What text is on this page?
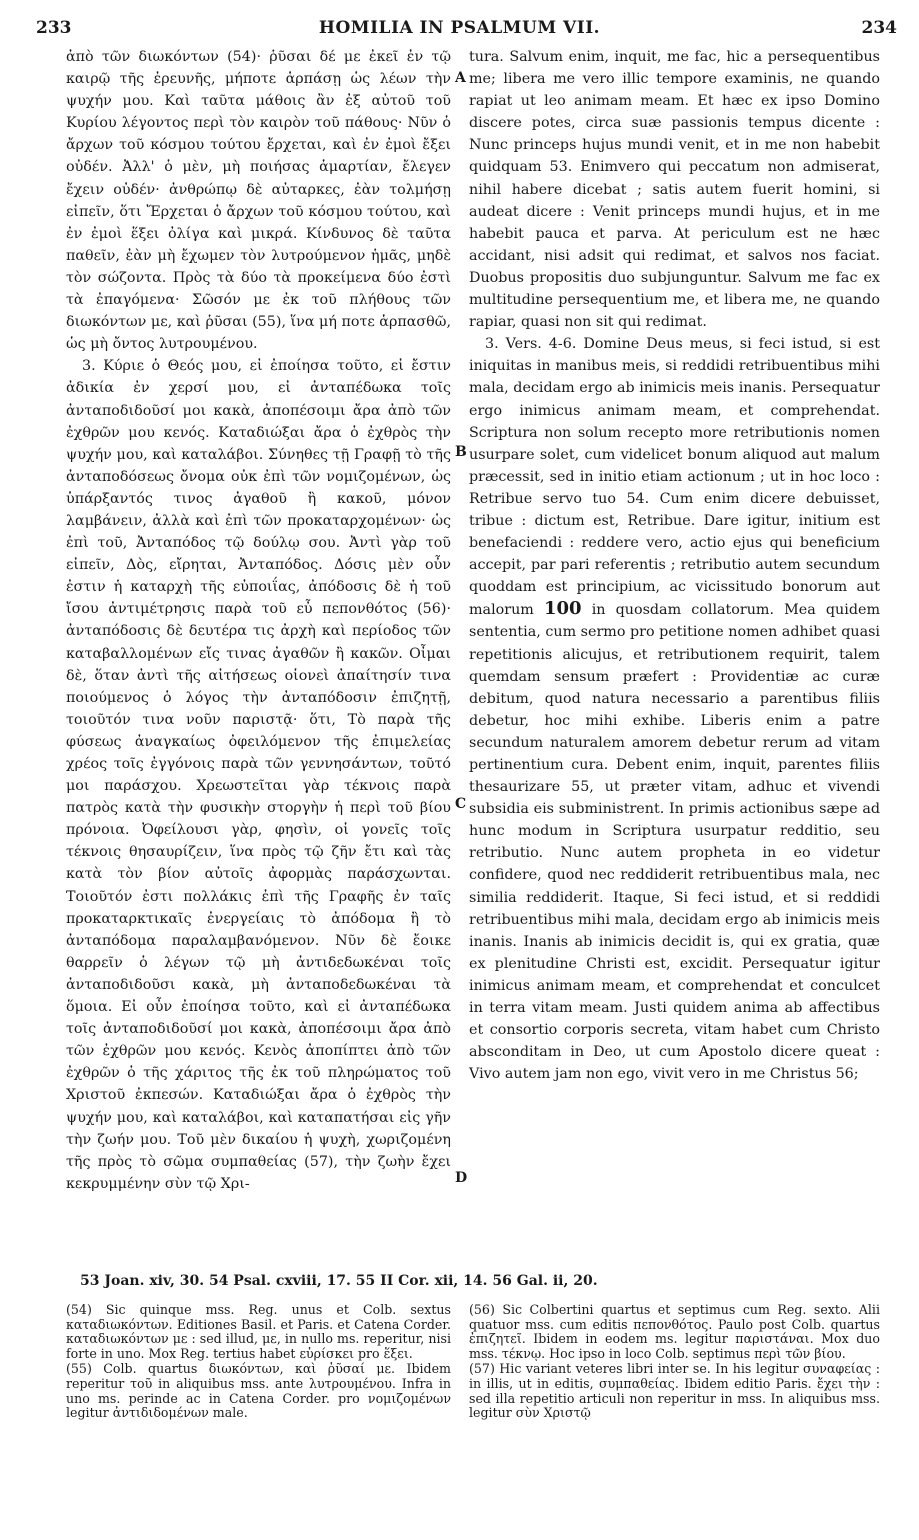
233	HOMILIA IN PSALMUM VII.	234

ἀπὸ τῶν διωκόντων (54)· ῥῦσαι δέ με ἐκεῖ ἐν τῷ καιρῷ τῆς ἐρευνῆς, μήποτε ἁρπάσῃ ὡς λέων τὴν ψυχήν μου. Καὶ ταῦτα μάθοις ἂν ἐξ αὐτοῦ τοῦ Κυρίου λέγοντος περὶ τὸν καιρὸν τοῦ πάθους· Νῦν ὁ ἄρχων τοῦ κόσμου τούτου ἔρχεται, καὶ ἐν ἐμοὶ ἔξει οὐδέν. Ἀλλ' ὁ μὲν, μὴ ποιήσας ἁμαρτίαν, ἔλεγεν ἔχειν οὐδέν· ἀνθρώπῳ δὲ αὐταρκες, ἐὰν τολμήσῃ εἰπεῖν, ὅτι Ἔρχεται ὁ ἄρχων τοῦ κόσμου τούτου, καὶ ἐν ἐμοὶ ἕξει ὀλίγα καὶ μικρά. Κίνδυνος δὲ ταῦτα παθεῖν, ἐὰν μὴ ἔχωμεν τὸν λυτρούμενον ἡμᾶς, μηδὲ τὸν σώζοντα. Πρὸς τὰ δύο τὰ προκείμενα δύο ἐστὶ τὰ ἐπαγόμενα· Σῶσόν με ἐκ τοῦ πλήθους τῶν διωκόντων με, καὶ ῥῦσαι (55), ἵνα μή ποτε ἁρπασθῶ, ὡς μὴ ὄντος λυτρουμένου.

3. Κύριε ὁ Θεός μου, εἰ ἐποίησα τοῦτο, εἰ ἔστιν ἀδικία ἐν χερσί μου, εἰ ἀνταπέδωκα τοῖς ἀνταποδιδοῦσί μοι κακὰ, ἀποπέσοιμι ἄρα ἀπὸ τῶν ἐχθρῶν μου κενός. Καταδιώξαι ἄρα ὁ ἐχθρὸς τὴν ψυχήν μου, καὶ καταλάβοι. Σύνηθες τῇ Γραφῇ τὸ τῆς ἀνταποδόσεως ὄνομα οὐκ ἐπὶ τῶν νομιζομένων, ὡς ὑπάρξαντός τινος ἀγαθοῦ ἢ κακοῦ, μόνον λαμβάνειν, ἀλλὰ καὶ ἐπὶ τῶν προκαταρχομένων· ὡς ἐπὶ τοῦ, Ἀνταπόδος τῷ δούλῳ σου. Ἀντὶ γὰρ τοῦ εἰπεῖν, Δὸς, εἴρηται, Ἀνταπόδος. Δόσις μὲν οὖν ἐστιν ἡ καταρχὴ τῆς εὐποιΐας, ἀπόδοσις δὲ ἡ τοῦ ἴσου ἀντιμέτρησις παρὰ τοῦ εὖ πεπονθότος (56)· ἀνταπόδοσις δὲ δευτέρα τις ἀρχὴ καὶ περίοδος τῶν καταβαλλομένων εἴς τινας ἀγαθῶν ἢ κακῶν. Οἶμαι δὲ, ὅταν ἀντὶ τῆς αἰτήσεως οἱονεὶ ἀπαίτησίν τινα ποιούμενος ὁ λόγος τὴν ἀνταπόδοσιν ἐπιζητῇ, τοιοῦτόν τινα νοῦν παριστᾷ· ὅτι, Τὸ παρὰ τῆς φύσεως ἀναγκαίως ὀφειλόμενον τῆς ἐπιμελείας χρέος τοῖς ἐγγόνοις παρὰ τῶν γεννησάντων, τοῦτό μοι παράσχου. Χρεωστεῖται γὰρ τέκνοις παρὰ πατρὸς κατὰ τὴν φυσικὴν στοργὴν ἡ περὶ τοῦ βίου πρόνοια. Ὀφείλουσι γὰρ, φησὶν, οἱ γονεῖς τοῖς τέκνοις θησαυρίζειν, ἵνα πρὸς τῷ ζῆν ἔτι καὶ τὰς κατὰ τὸν βίον αὐτοῖς ἀφορμὰς παράσχωνται. Τοιοῦτόν ἐστι πολλάκις ἐπὶ τῆς Γραφῆς ἐν ταῖς προκαταρκτικαῖς ἐνεργείαις τὸ ἀπόδομα ἢ τὸ ἀνταπόδομα παραλαμβανόμενον. Νῦν δὲ ἔοικε θαρρεῖν ὁ λέγων τῷ μὴ ἀντιδεδωκέναι τοῖς ἀνταποδιδοῦσι κακὰ, μὴ ἀνταποδεδωκέναι τὰ ὅμοια. Εἰ οὖν ἐποίησα τοῦτο, καὶ εἰ ἀνταπέδωκα τοῖς ἀνταποδιδοῦσί μοι κακὰ, ἀποπέσοιμι ἄρα ἀπὸ τῶν ἐχθρῶν μου κενός. Κενὸς ἀποπίπτει ἀπὸ τῶν ἐχθρῶν ὁ τῆς χάριτος τῆς ἐκ τοῦ πληρώματος τοῦ Χριστοῦ ἐκπεσών. Καταδιώξαι ἄρα ὁ ἐχθρὸς τὴν ψυχήν μου, καὶ καταλάβοι, καὶ καταπατήσαι εἰς γῆν τὴν ζωήν μου. Τοῦ μὲν δικαίου ἡ ψυχὴ, χωριζομένη τῆς πρὸς τὸ σῶμα συμπαθείας (57), τὴν ζωὴν ἔχει κεκρυμμένην σὺν τῷ Χρι-

A
B
C
D

tura. Salvum enim, inquit, me fac, hic a persequentibus me; libera me vero illic tempore examinis, ne quando rapiat ut leo animam meam. Et hæc ex ipso Domino discere potes, circa suæ passionis tempus dicente : Nunc princeps hujus mundi venit, et in me non habebit quidquam 53. Enimvero qui peccatum non admiserat, nihil habere dicebat ; satis autem fuerit homini, si audeat dicere : Venit princeps mundi hujus, et in me habebit pauca et parva. At periculum est ne hæc accidant, nisi adsit qui redimat, et salvos nos faciat. Duobus propositis duo subjunguntur. Salvum me fac ex multitudine persequentium me, et libera me, ne quando rapiar, quasi non sit qui redimat.

3. Vers. 4-6. Domine Deus meus, si feci istud, si est iniquitas in manibus meis, si reddidi retribuentibus mihi mala, decidam ergo ab inimicis meis inanis. Persequatur ergo inimicus animam meam, et comprehendat. Scriptura non solum recepto more retributionis nomen usurpare solet, cum videlicet bonum aliquod aut malum præcessit, sed in initio etiam actionum ; ut in hoc loco : Retribue servo tuo 54. Cum enim dicere debuisset, tribue : dictum est, Retribue. Dare igitur, initium est benefaciendi : reddere vero, actio ejus qui beneficium accepit, par pari referentis ; retributio autem secundum quoddam est principium, ac vicissitudo bonorum aut malorum 100 in quosdam collatorum. Mea quidem sententia, cum sermo pro petitione nomen adhibet quasi repetitionis alicujus, et retributionem requirit, talem quemdam sensum præfert : Providentiæ ac curæ debitum, quod natura necessario a parentibus filiis debetur, hoc mihi exhibe. Liberis enim a patre secundum naturalem amorem debetur rerum ad vitam pertinentium cura. Debent enim, inquit, parentes filiis thesaurizare 55, ut præter vitam, adhuc et vivendi subsidia eis subministrent. In primis actionibus sæpe ad hunc modum in Scriptura usurpatur redditio, seu retributio. Nunc autem propheta in eo videtur confidere, quod nec reddiderit retribuentibus mala, nec similia reddiderit. Itaque, Si feci istud, et si reddidi retribuentibus mihi mala, decidam ergo ab inimicis meis inanis. Inanis ab inimicis decidit is, qui ex gratia, quæ ex plenitudine Christi est, excidit. Persequatur igitur inimicus animam meam, et comprehendat et conculcet in terra vitam meam. Justi quidem anima ab affectibus et consortio corporis secreta, vitam habet cum Christo absconditam in Deo, ut cum Apostolo dicere queat : Vivo autem jam non ego, vivit vero in me Christus 56;

53 Joan. xiv, 30. 54 Psal. cxviii, 17. 55 II Cor. xii, 14. 56 Gal. ii, 20.

(54) Sic quinque mss. Reg. unus et Colb. sextus καταδιωκόντων. Editiones Basil. et Paris. et Catena Corder. καταδιωκόντων με : sed illud, με, in nullo ms. reperitur, nisi forte in uno. Mox Reg. tertius habet εὑρίσκει pro ἕξει.

(55) Colb. quartus διωκόντων, καὶ ῥῦσαί με. Ibidem reperitur τοῦ in aliquibus mss. ante λυτρουμένου. Infra in uno ms. perinde ac in Catena Corder. pro νομιζομένων legitur ἀντιδιδομένων male.

(56) Sic Colbertini quartus et septimus cum Reg. sexto. Alii quatuor mss. cum editis πεπονθότος. Paulo post Colb. quartus ἐπιζητεῖ. Ibidem in eodem ms. legitur παριστάναι. Mox duo mss. τέκνῳ. Hoc ipso in loco Colb. septimus περὶ τῶν βίου.

(57) Hic variant veteres libri inter se. In his legitur συναφείας : in illis, ut in editis, συμπαθείας. Ibidem editio Paris. ἔχει τὴν : sed illa repetitio articuli non reperitur in mss. In aliquibus mss. legitur σὺν Χριστῷ
